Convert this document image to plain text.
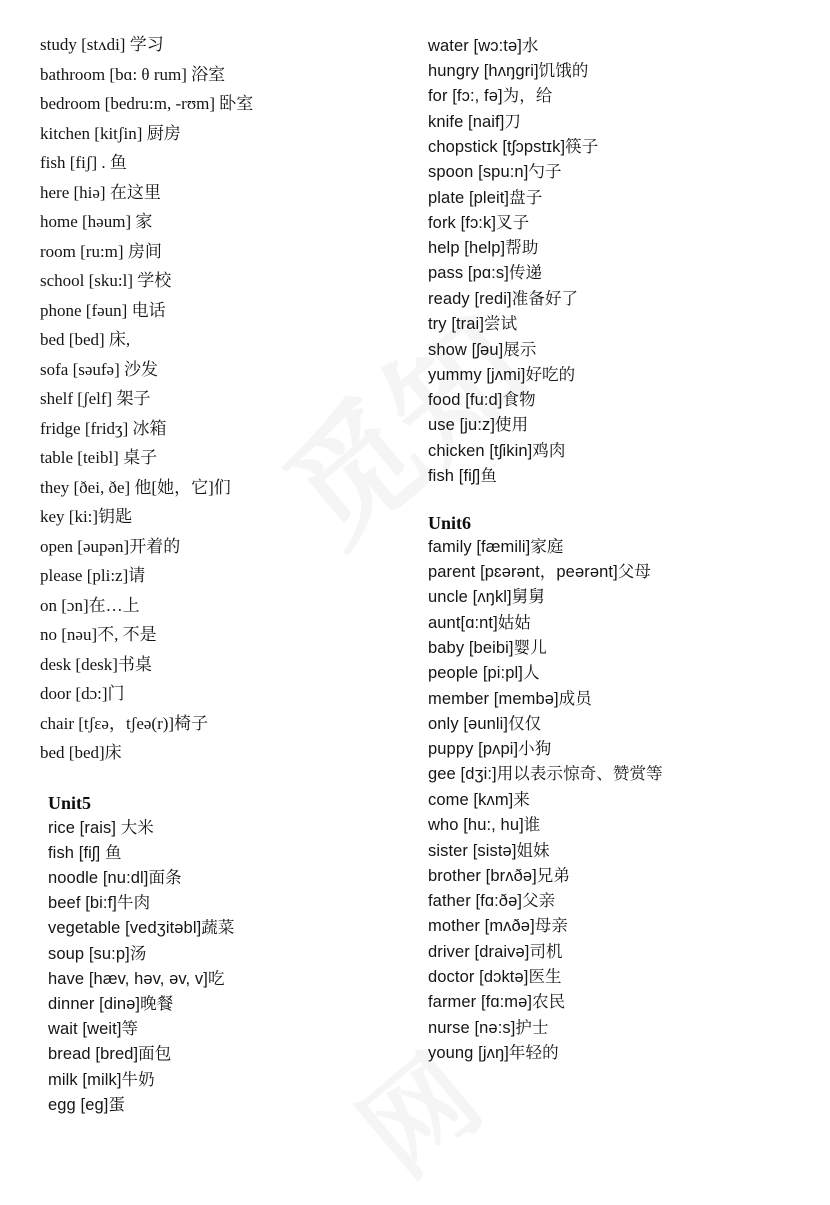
study [stʌdi] 学习
bathroom [bɑ: θ rum] 浴室
bedroom [bedru:m, -rʊm] 卧室
kitchen [kitʃin] 厨房
fish [fiʃ] . 鱼
here [hiə] 在这里
home [həum] 家
room [ru:m] 房间
school [sku:l] 学校
phone [fəun] 电话
bed [bed] 床,
sofa [səufə] 沙发
shelf [ʃelf] 架子
fridge [fridʒ] 冰箱
table [teibl] 桌子
they [ðei, ðe] 他[她，它]们
key [ki:]钥匙
open [əupən]开着的
please [pli:z]请
on [ɔn]在…上
no [nəu]不, 不是
desk [desk]书桌
door [dɔ:]门
chair [tʃɛə，tʃeə(r)]椅子
bed [bed]床
Unit5
rice [rais] 大米
fish [fiʃ] 鱼
noodle [nu:dl]面条
beef [bi:f]牛肉
vegetable [vedʒitəbl]蔬菜
soup [su:p]汤
have [hæv, həv, əv, v]吃
dinner [dinə]晚餐
wait [weit]等
bread [bred]面包
milk [milk]牛奶
egg [eg]蛋
water [wɔ:tə]水
hungry [hʌŋgri]饥饿的
for [fɔ:, fə]为，给
knife [naif]刀
chopstick [tʃɔpstɪk]筷子
spoon [spu:n]勺子
plate [pleit]盘子
fork [fɔ:k]叉子
help [help]帮助
pass [pɑ:s]传递
ready [redi]准备好了
try [trai]尝试
show [ʃəu]展示
yummy [jʌmi]好吃的
food [fu:d]食物
use [ju:z]使用
chicken [tʃikin]鸡肉
fish [fiʃ]鱼
Unit6
family [fæmili]家庭
parent [pɛərənt，peərənt]父母
uncle [ʌŋkl]舅舅
aunt[ɑ:nt]姑姑
baby [beibi]婴儿
people [pi:pl]人
member [membə]成员
only [əunli]仅仅
puppy [pʌpi]小狗
gee [dʒi:]用以表示惊奇、赞赏等
come [kʌm]来
who [hu:, hu]谁
sister [sistə]姐妹
brother [brʌðə]兄弟
father [fɑ:ðə]父亲
mother [mʌðə]母亲
driver [draivə]司机
doctor [dɔktə]医生
farmer [fɑ:mə]农民
nurse [nə:s]护士
young [jʌŋ]年轻的
